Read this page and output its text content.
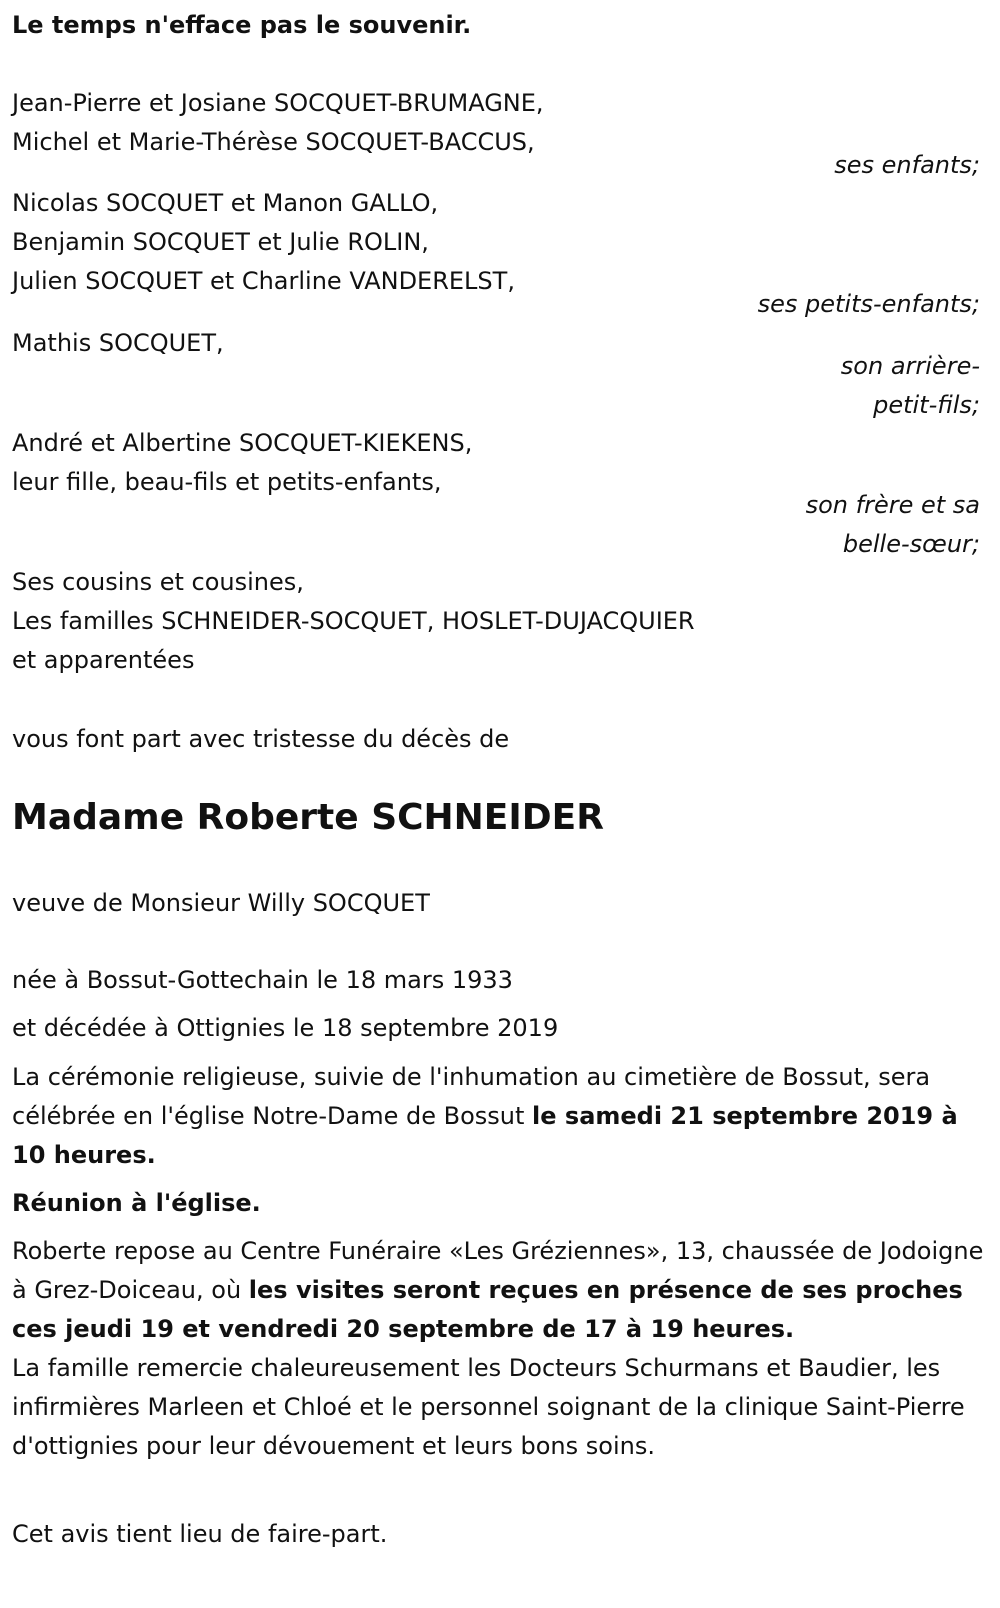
Le temps n'efface pas le souvenir.

Jean-Pierre et Josiane SOCQUET-BRUMAGNE,

Michel et Marie-Thérèse SOCQUET-BACCUS,

ses enfants;

Nicolas SOCQUET et Manon GALLO,

Benjamin SOCQUET et Julie ROLIN,

Julien SOCQUET et Charline VANDERELST,

ses petits-enfants;

Mathis SOCQUET,

son arrière-

petit-fils;

André et Albertine SOCQUET-KIEKENS,

leur fille, beau-fils et petits-enfants,

son frère et sa

belle-sœur;

Ses cousins et cousines,

Les familles SCHNEIDER-SOCQUET, HOSLET-DUJACQUIER

et apparentées

vous font part avec tristesse du décès de

Madame Roberte SCHNEIDER

veuve de Monsieur Willy SOCQUET

née à Bossut-Gottechain le 18 mars 1933

et décédée à Ottignies le 18 septembre 2019

La cérémonie religieuse, suivie de l'inhumation au cimetière de Bossut, sera célébrée en l'église Notre-Dame de Bossut le samedi 21 septembre 2019 à 10 heures.

Réunion à l'église.

Roberte repose au Centre Funéraire «Les Gréziennes», 13, chaussée de Jodoigne à Grez-Doiceau, où les visites seront reçues en présence de ses proches ces jeudi 19 et vendredi 20 septembre de 17 à 19 heures.

La famille remercie chaleureusement les Docteurs Schurmans et Baudier, les infirmières Marleen et Chloé et le personnel soignant de la clinique Saint-Pierre d'ottignies pour leur dévouement et leurs bons soins.

Cet avis tient lieu de faire-part.
